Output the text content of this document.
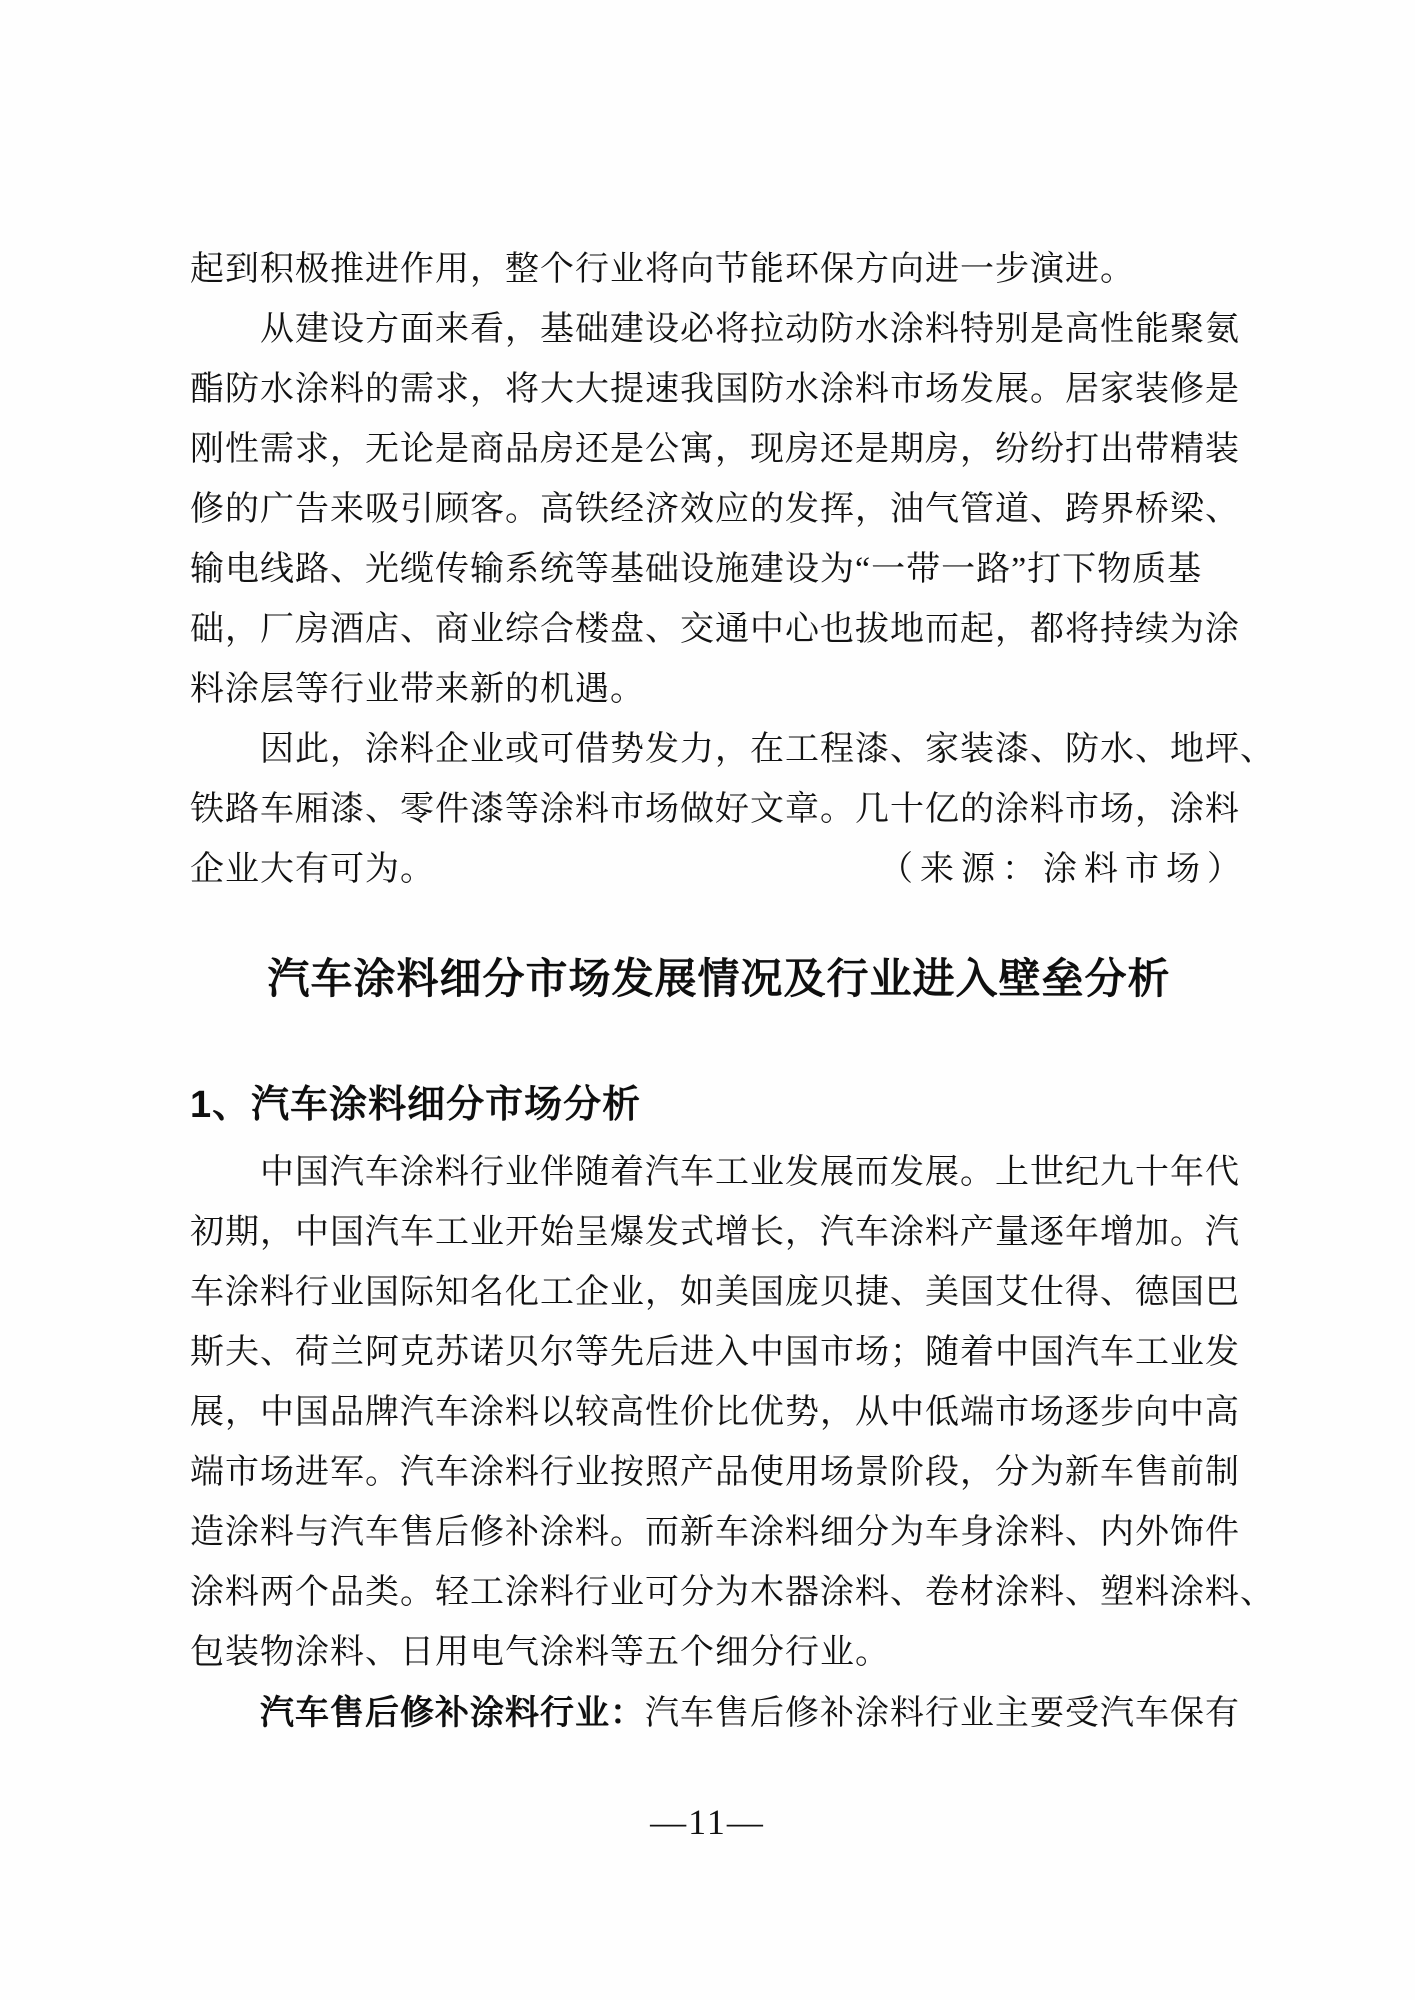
起到积极推进作用，整个行业将向节能环保方向进一步演进。
　　从建设方面来看，基础建设必将拉动防水涂料特别是高性能聚氨
酯防水涂料的需求，将大大提速我国防水涂料市场发展。居家装修是
刚性需求，无论是商品房还是公寓，现房还是期房，纷纷打出带精装
修的广告来吸引顾客。高铁经济效应的发挥，油气管道、跨界桥梁、
输电线路、光缆传输系统等基础设施建设为“一带一路”打下物质基
础，厂房酒店、商业综合楼盘、交通中心也拔地而起，都将持续为涂
料涂层等行业带来新的机遇。
　　因此，涂料企业或可借势发力，在工程漆、家装漆、防水、地坪、
铁路车厢漆、零件漆等涂料市场做好文章。几十亿的涂料市场，涂料
企业大有可为。	（来源：涂料市场）
汽车涂料细分市场发展情况及行业进入壁垒分析
1、汽车涂料细分市场分析
　　中国汽车涂料行业伴随着汽车工业发展而发展。上世纪九十年代
初期，中国汽车工业开始呈爆发式增长，汽车涂料产量逐年增加。汽
车涂料行业国际知名化工企业，如美国庞贝捷、美国艾仕得、德国巴
斯夫、荷兰阿克苏诺贝尔等先后进入中国市场；随着中国汽车工业发
展，中国品牌汽车涂料以较高性价比优势，从中低端市场逐步向中高
端市场进军。汽车涂料行业按照产品使用场景阶段，分为新车售前制
造涂料与汽车售后修补涂料。而新车涂料细分为车身涂料、内外饰件
涂料两个品类。轻工涂料行业可分为木器涂料、卷材涂料、塑料涂料、
包装物涂料、日用电气涂料等五个细分行业。
　　汽车售后修补涂料行业：汽车售后修补涂料行业主要受汽车保有
—11—
